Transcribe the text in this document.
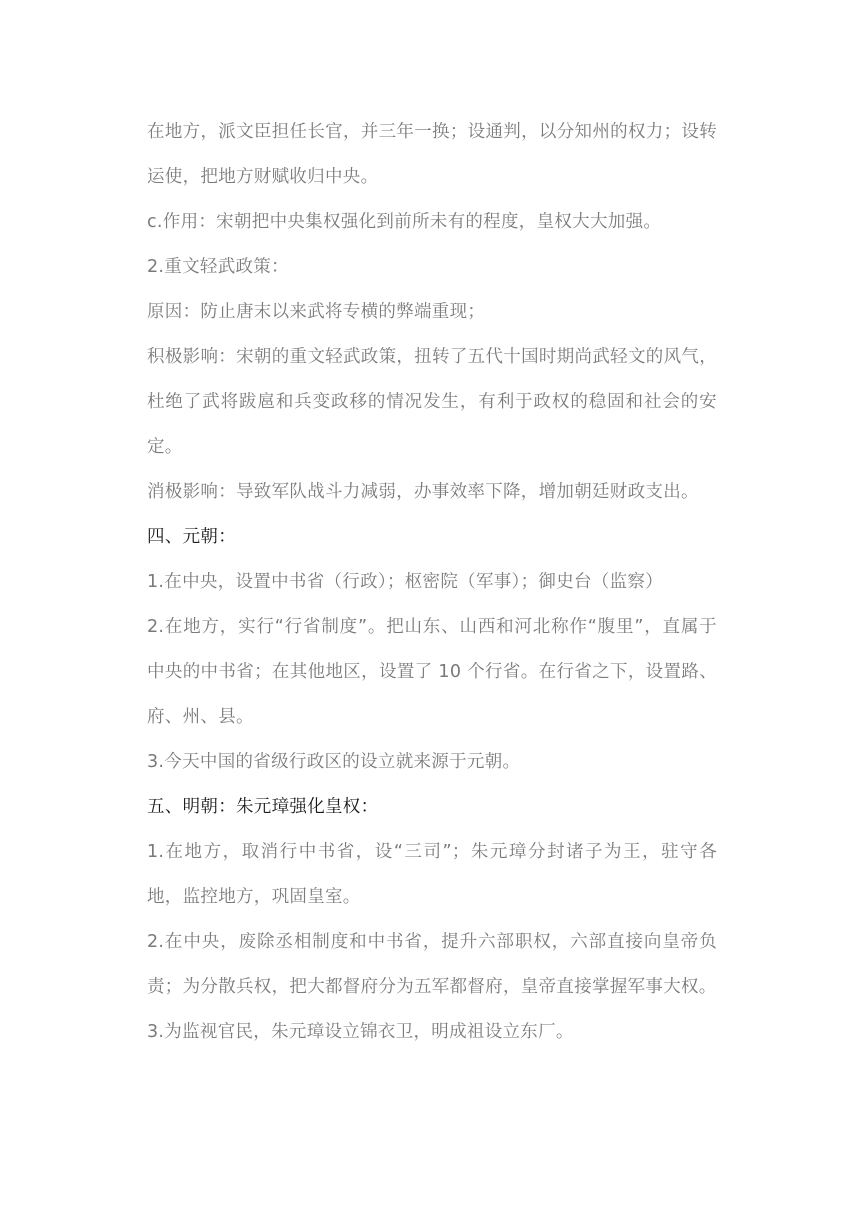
在地方，派文臣担任长官，并三年一换；设通判，以分知州的权力；设转运使，把地方财赋收归中央。

c.作用：宋朝把中央集权强化到前所未有的程度，皇权大大加强。

2.重文轻武政策：

原因：防止唐末以来武将专横的弊端重现；

积极影响：宋朝的重文轻武政策，扭转了五代十国时期尚武轻文的风气，杜绝了武将跋扈和兵变政移的情况发生，有利于政权的稳固和社会的安定。

消极影响：导致军队战斗力减弱，办事效率下降，增加朝廷财政支出。

四、元朝：

1.在中央，设置中书省（行政）；枢密院（军事）；御史台（监察）

2.在地方，实行“行省制度”。把山东、山西和河北称作“腹里”，直属于中央的中书省；在其他地区，设置了 10 个行省。在行省之下，设置路、府、州、县。

3.今天中国的省级行政区的设立就来源于元朝。

五、明朝：朱元璋强化皇权：

1.在地方，取消行中书省，设“三司”；朱元璋分封诸子为王，驻守各地，监控地方，巩固皇室。

2.在中央，废除丞相制度和中书省，提升六部职权，六部直接向皇帝负责；为分散兵权，把大都督府分为五军都督府，皇帝直接掌握军事大权。

3.为监视官民，朱元璋设立锦衣卫，明成祖设立东厂。
